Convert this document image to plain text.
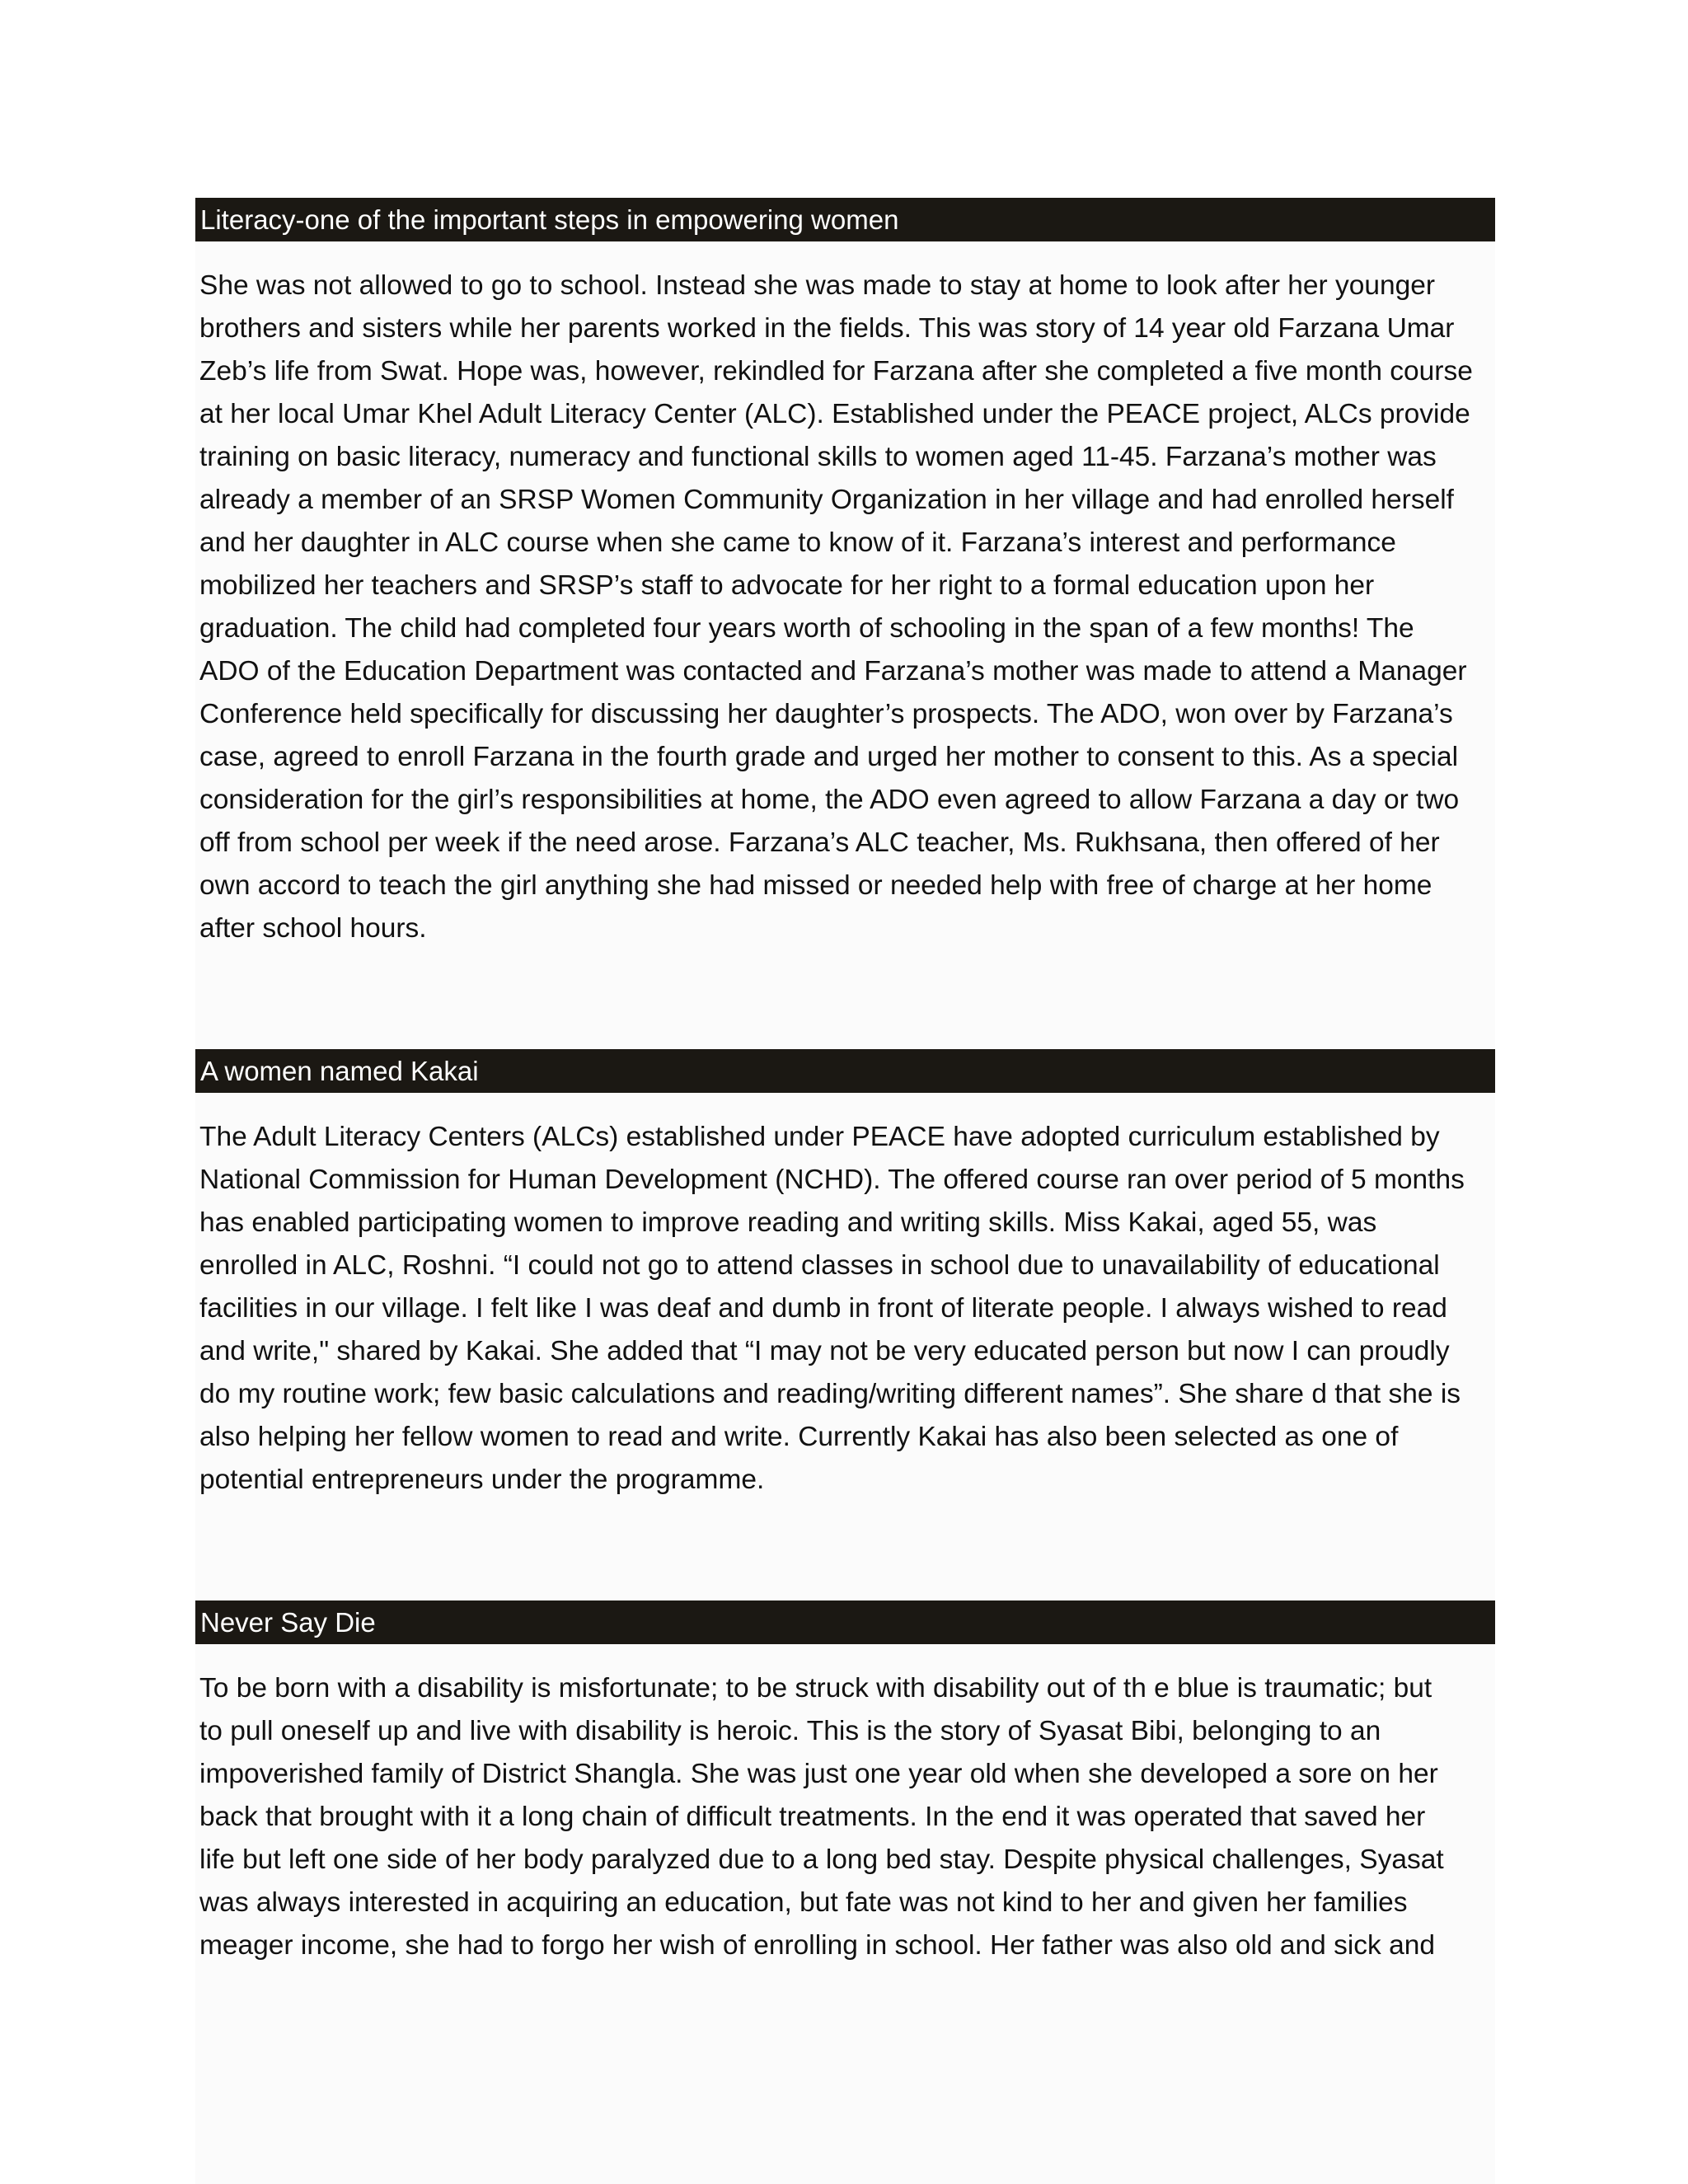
Literacy-one of the important steps in empowering women
She was not allowed to go to school. Instead she was made to stay at home to look after her younger
brothers and sisters while her parents worked in the fields. This was story of 14 year old Farzana Umar
Zeb’s life from Swat. Hope was, however, rekindled for Farzana after she completed a five month course
at her local Umar Khel Adult Literacy Center (ALC). Established under the PEACE project, ALCs provide
training on basic literacy, numeracy and functional skills to women aged 11-45. Farzana’s mother was
already a member of an SRSP Women Community Organization in her village and had enrolled herself
and her daughter in ALC course when she came to know of it. Farzana’s interest and performance
mobilized her teachers and SRSP’s staff to advocate for her right to a formal education upon her
graduation. The child had completed four years worth of schooling in the span of a few months! The
ADO of the Education Department was contacted and Farzana’s mother was made to attend a Manager
Conference held specifically for discussing her daughter’s prospects. The ADO, won over by Farzana’s
case, agreed to enroll Farzana in the fourth grade and urged her mother to consent to this. As a special
consideration for the girl’s responsibilities at home, the ADO even agreed to allow Farzana a day or two
off from school per week if the need arose. Farzana’s ALC teacher, Ms. Rukhsana, then offered of her
own accord to teach the girl anything she had missed or needed help with free of charge at her home
after school hours.
A women named Kakai
The Adult Literacy Centers (ALCs) established under PEACE have adopted curriculum established by
National Commission for Human Development (NCHD). The offered course ran over period of 5 months
has enabled participating women to improve reading and writing skills. Miss Kakai, aged 55, was
enrolled in ALC, Roshni. “I could not go to attend classes in school due to unavailability of educational
facilities in our village. I felt like I was deaf and dumb in front of literate people. I always wished to read
and write," shared by Kakai. She added that “I may not be very educated person but now I can proudly
do my routine work; few basic calculations and reading/writing different names”. She share d that she is
also helping her fellow women to read and write. Currently Kakai has also been selected as one of
potential entrepreneurs under the programme.
Never Say Die
To be born with a disability is misfortunate; to be struck with disability out of th e blue is traumatic; but
to pull oneself up and live with disability is heroic. This is the story of Syasat Bibi, belonging to an
impoverished family of District Shangla. She was just one year old when she developed a sore on her
back that brought with it a long chain of difficult treatments. In the end it was operated that saved her
life but left one side of her body paralyzed due to a long bed stay. Despite physical challenges, Syasat
was always interested in acquiring an education, but fate was not kind to her and given her families
meager income, she had to forgo her wish of enrolling in school. Her father was also old and sick and
